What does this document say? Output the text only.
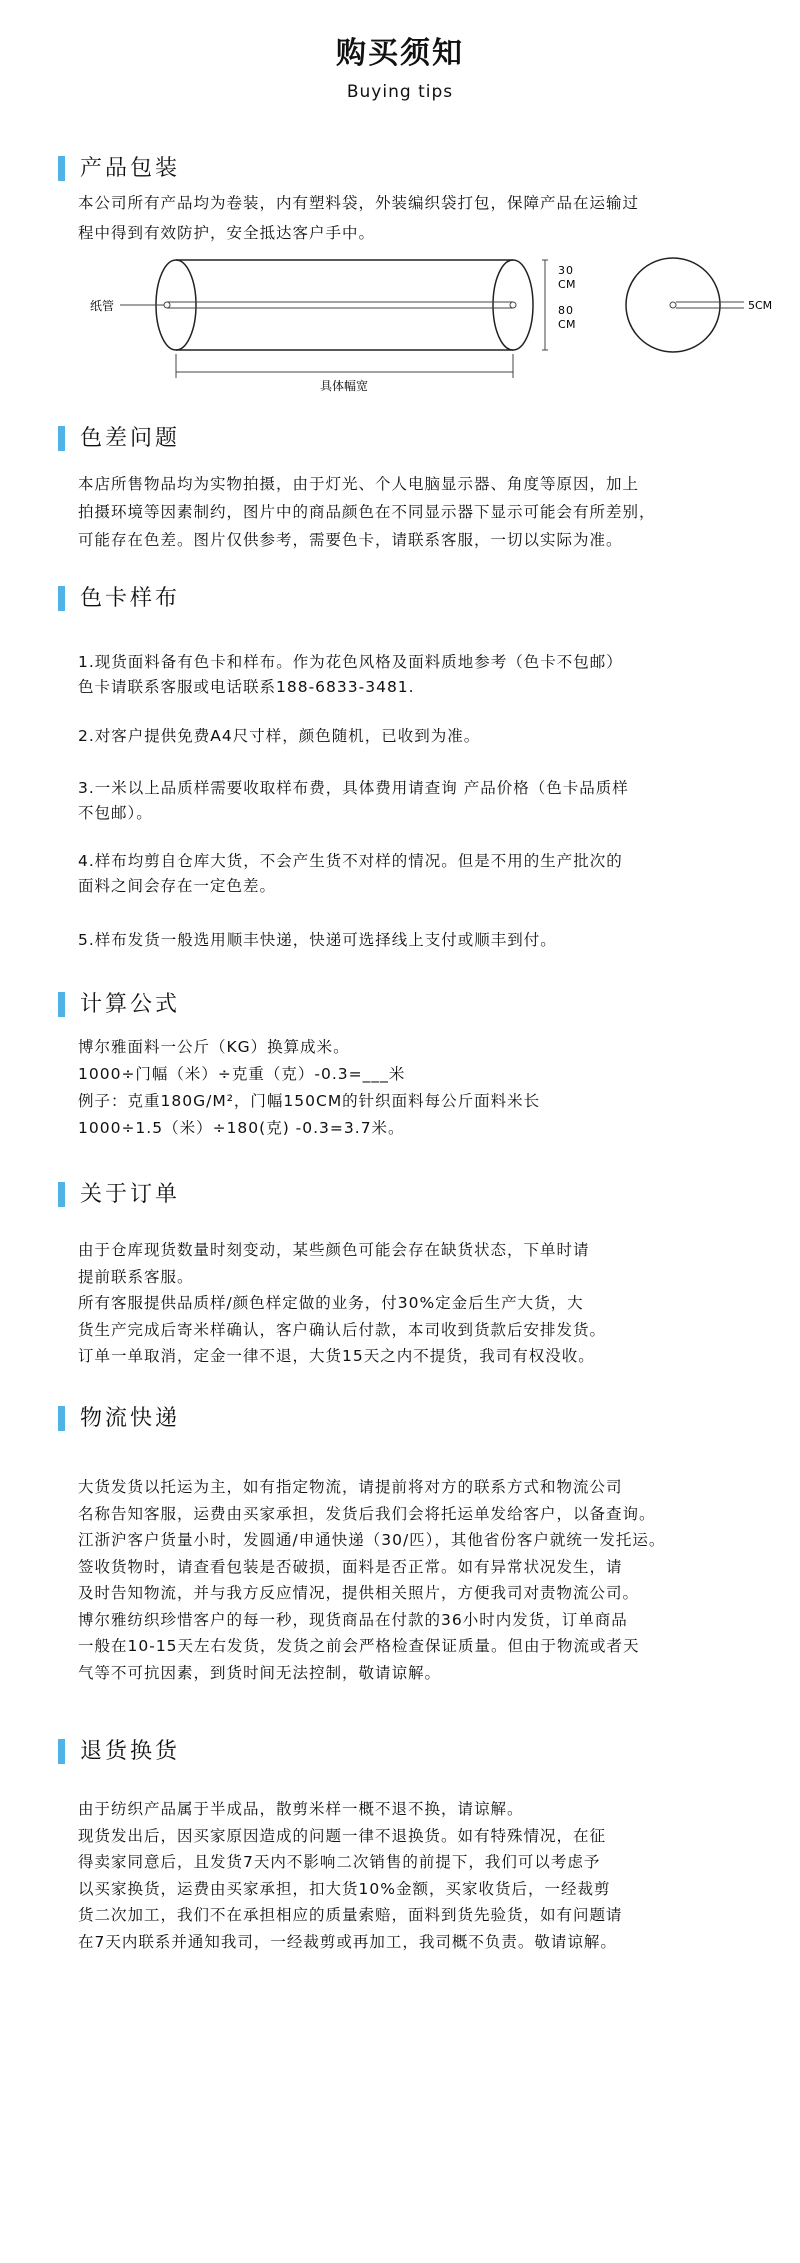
购买须知
Buying tips
产品包装
本公司所有产品均为卷装，内有塑料袋，外装编织袋打包，保障产品在运输过
程中得到有效防护，安全抵达客户手中。
纸管
30 CM
80 CM
具体幅宽
5CM
色差问题
本店所售物品均为实物拍摄，由于灯光、个人电脑显示器、角度等原因，加上
拍摄环境等因素制约，图片中的商品颜色在不同显示器下显示可能会有所差别，
可能存在色差。图片仅供参考，需要色卡，请联系客服，一切以实际为准。
色卡样布
1.现货面料备有色卡和样布。作为花色风格及面料质地参考（色卡不包邮）
色卡请联系客服或电话联系188-6833-3481.
2.对客户提供免费A4尺寸样，颜色随机，已收到为准。
3.一米以上品质样需要收取样布费，具体费用请查询 产品价格（色卡品质样
不包邮）。
4.样布均剪自仓库大货，不会产生货不对样的情况。但是不用的生产批次的
面料之间会存在一定色差。
5.样布发货一般选用顺丰快递，快递可选择线上支付或顺丰到付。
计算公式
博尔雅面料一公斤（KG）换算成米。
1000÷门幅（米）÷克重（克）-0.3=___米
例子：克重180G/M²，门幅150CM的针织面料每公斤面料米长
1000÷1.5（米）÷180(克) -0.3=3.7米。
关于订单
由于仓库现货数量时刻变动，某些颜色可能会存在缺货状态，下单时请
提前联系客服。
所有客服提供品质样/颜色样定做的业务，付30%定金后生产大货，大
货生产完成后寄米样确认，客户确认后付款，本司收到货款后安排发货。
订单一单取消，定金一律不退，大货15天之内不提货，我司有权没收。
物流快递
大货发货以托运为主，如有指定物流，请提前将对方的联系方式和物流公司
名称告知客服，运费由买家承担，发货后我们会将托运单发给客户，以备查询。
江浙沪客户货量小时，发圆通/申通快递（30/匹），其他省份客户就统一发托运。
签收货物时，请查看包装是否破损，面料是否正常。如有异常状况发生，请
及时告知物流，并与我方反应情况，提供相关照片，方便我司对责物流公司。
博尔雅纺织珍惜客户的每一秒，现货商品在付款的36小时内发货，订单商品
一般在10-15天左右发货，发货之前会严格检查保证质量。但由于物流或者天
气等不可抗因素，到货时间无法控制，敬请谅解。
退货换货
由于纺织产品属于半成品，散剪米样一概不退不换，请谅解。
现货发出后，因买家原因造成的问题一律不退换货。如有特殊情况，在征
得卖家同意后，且发货7天内不影响二次销售的前提下，我们可以考虑予
以买家换货，运费由买家承担，扣大货10%金额，买家收货后，一经裁剪
货二次加工，我们不在承担相应的质量索赔，面料到货先验货，如有问题请
在7天内联系并通知我司，一经裁剪或再加工，我司概不负责。敬请谅解。
